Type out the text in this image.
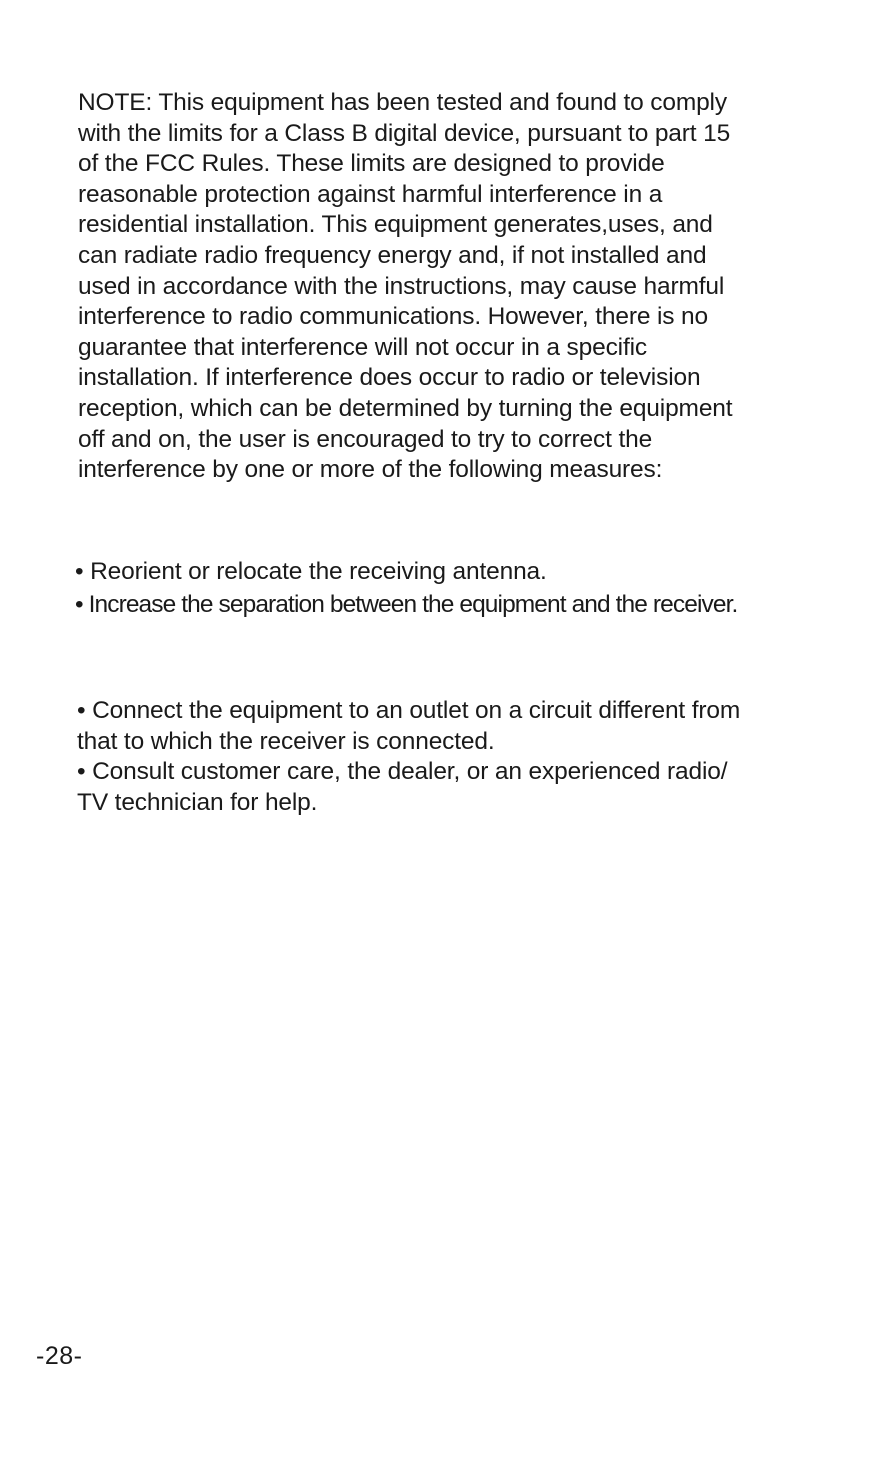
NOTE: This equipment has been tested and found to comply
with the limits for a Class B digital device, pursuant to part 15
of the FCC Rules. These limits are designed to provide
reasonable protection against harmful interference in a
residential installation. This equipment generates,uses, and
can radiate radio frequency energy and, if not installed and
used in accordance with the instructions, may cause harmful
interference to radio communications. However, there is no
guarantee that interference will not occur in a specific
installation. If interference does occur to radio or television
reception, which can be determined by turning the equipment
off and on, the user is encouraged to try to correct the
interference by one or more of the following measures:
• Reorient or relocate the receiving antenna.
• Increase the separation between the equipment and the receiver.
• Connect the equipment to an outlet on a circuit different from
that to which the receiver is connected.
• Consult customer care, the dealer, or an experienced radio/
TV technician for help.
-28-
